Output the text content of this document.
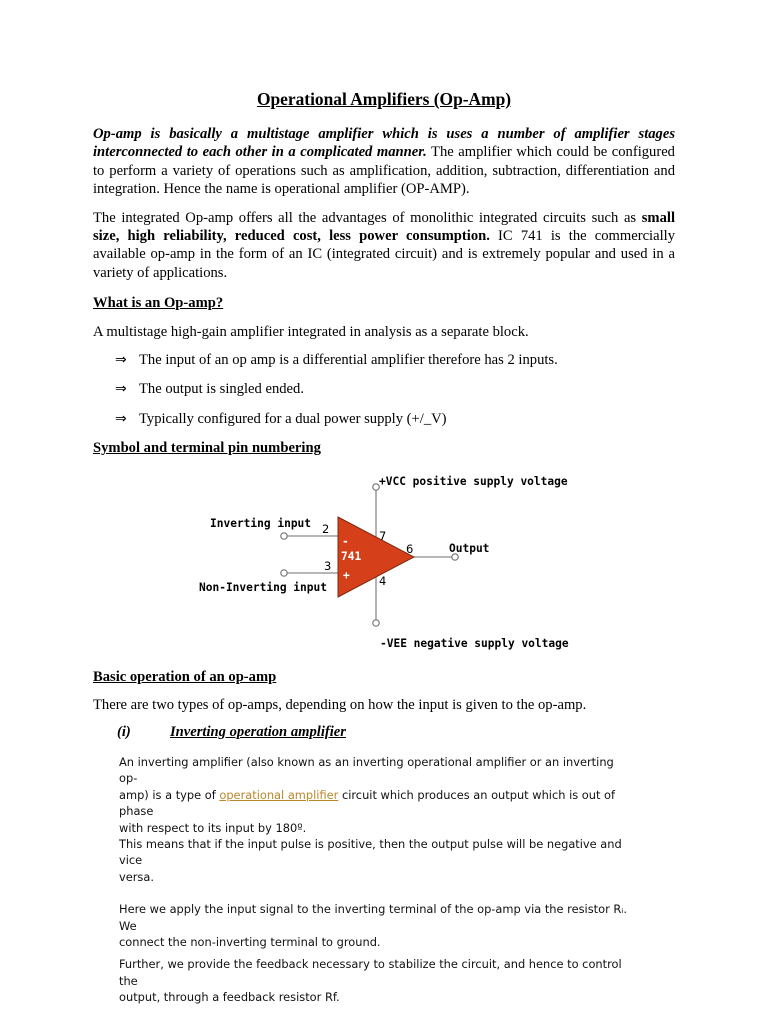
Operational Amplifiers (Op-Amp)

Op-amp is basically a multistage amplifier which is uses a number of amplifier stages interconnected to each other in a complicated manner. The amplifier which could be configured to perform a variety of operations such as amplification, addition, subtraction, differentiation and integration. Hence the name is operational amplifier (OP-AMP).

The integrated Op-amp offers all the advantages of monolithic integrated circuits such as small size, high reliability, reduced cost, less power consumption. IC 741 is the commercially available op-amp in the form of an IC (integrated circuit) and is extremely popular and used in a variety of applications.

What is an Op-amp?

A multistage high-gain amplifier integrated in analysis as a separate block.

⇒ The input of an op amp is a differential amplifier therefore has 2 inputs.
⇒ The output is singled ended.
⇒ Typically configured for a dual power supply (+/_V)
Symbol and terminal pin numbering
-
741
+
+VCC positive supply voltage
-VEE negative supply voltage
Inverting input
Non-Inverting input
Output
2
3
4
6
7
Basic operation of an op-amp

There are two types of op-amps, depending on how the input is given to the op-amp.

(i)	Inverting operation amplifier

An inverting amplifier (also known as an inverting operational amplifier or an inverting op-

amp) is a type of operational amplifier circuit which produces an output which is out of phase

with respect to its input by 180º.

This means that if the input pulse is positive, then the output pulse will be negative and vice

versa.

Here we apply the input signal to the inverting terminal of the op-amp via the resistor Rᵢ. We

connect the non-inverting terminal to ground.

Further, we provide the feedback necessary to stabilize the circuit, and hence to control the

output, through a feedback resistor Rf.
